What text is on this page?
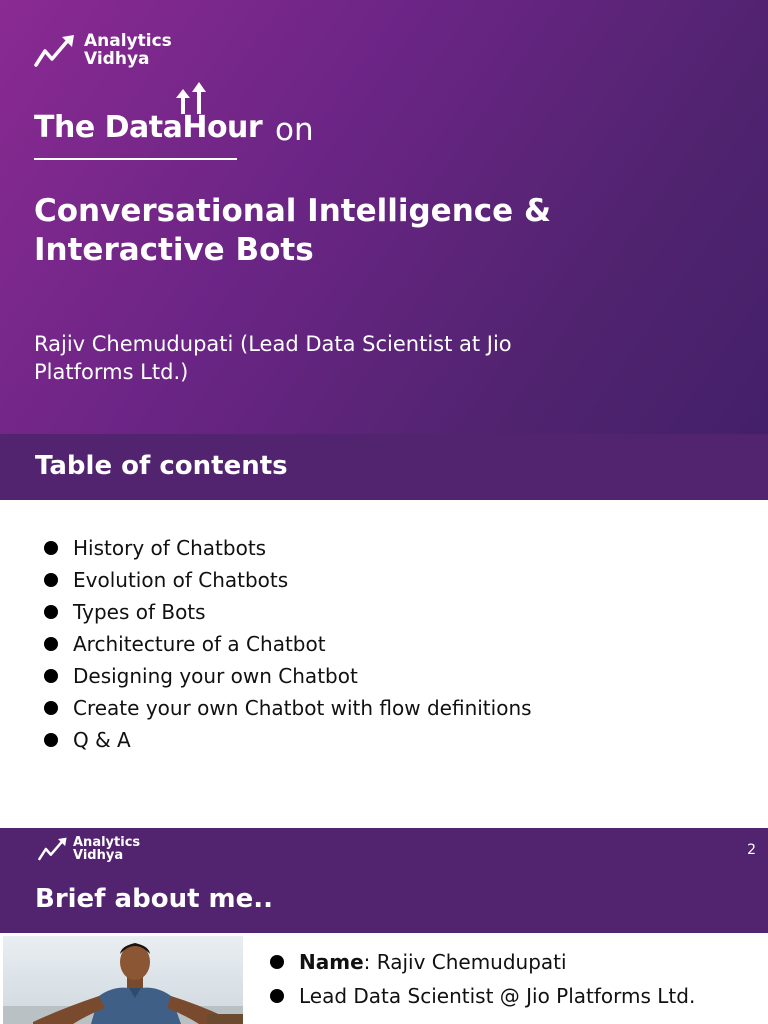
Analytics
Vidhya
The DataHour on
Conversational Intelligence &
Interactive Bots
Rajiv Chemudupati (Lead Data Scientist at Jio
Platforms Ltd.)
Table of contents
History of Chatbots
Evolution of Chatbots
Types of Bots
Architecture of a Chatbot
Designing your own Chatbot
Create your own Chatbot with flow definitions
Q & A
Analytics
Vidhya	2
Brief about me..
Name : Rajiv Chemudupati
Lead Data Scientist @ Jio Platforms Ltd.
